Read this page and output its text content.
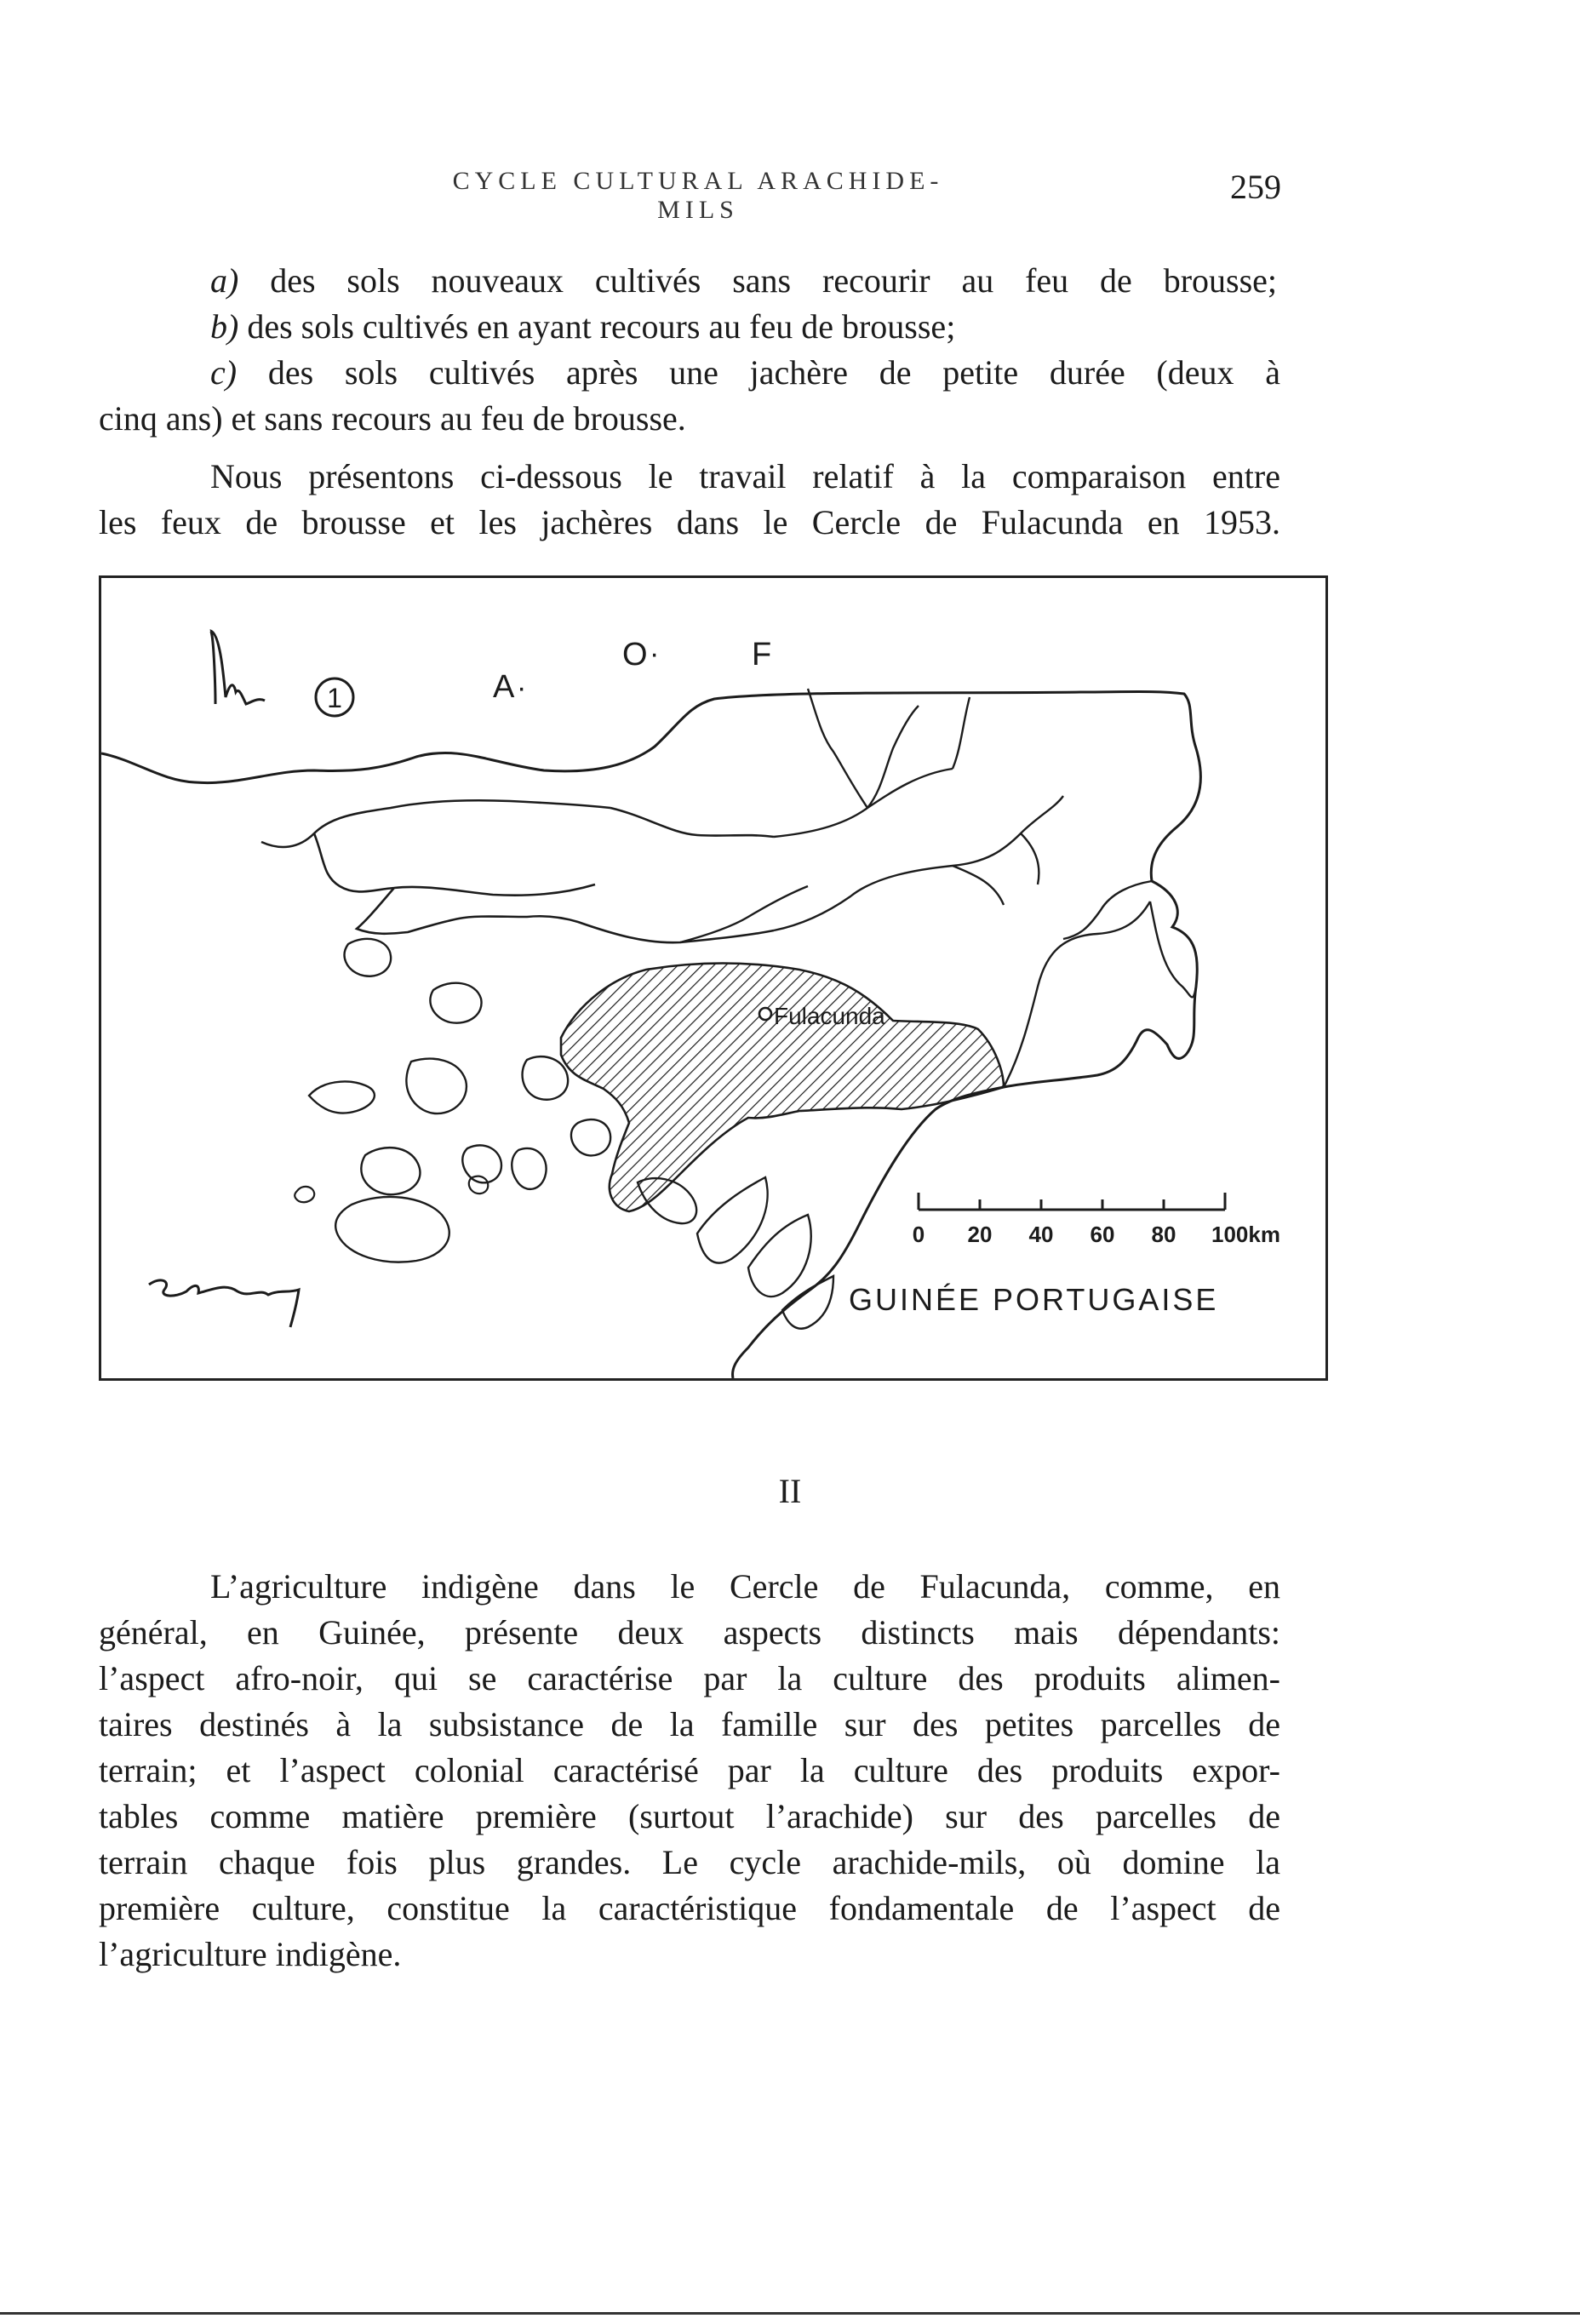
CYCLE CULTURAL ARACHIDE-MILS
259
a) des sols nouveaux cultivés sans recourir au feu de brousse;
b) des sols cultivés en ayant recours au feu de brousse;
c) des sols cultivés après une jachère de petite durée (deux à
cinq ans) et sans recours au feu de brousse.
Nous présentons ci-dessous le travail relatif à la comparaison entre
les feux de brousse et les jachères dans le Cercle de Fulacunda en 1953.
1	A ·
O ·	F
Fulacunda
0 20 40 60 80 100km
GUINÉE PORTUGAISE
II
L’agriculture indigène dans le Cercle de Fulacunda, comme, en
général, en Guinée, présente deux aspects distincts mais dépendants:
l’aspect afro-noir, qui se caractérise par la culture des produits alimen-
taires destinés à la subsistance de la famille sur des petites parcelles de
terrain; et l’aspect colonial caractérisé par la culture des produits expor-
tables comme matière première (surtout l’arachide) sur des parcelles de
terrain chaque fois plus grandes. Le cycle arachide-mils, où domine la
première culture, constitue la caractéristique fondamentale de l’aspect de
l’agriculture indigène.
